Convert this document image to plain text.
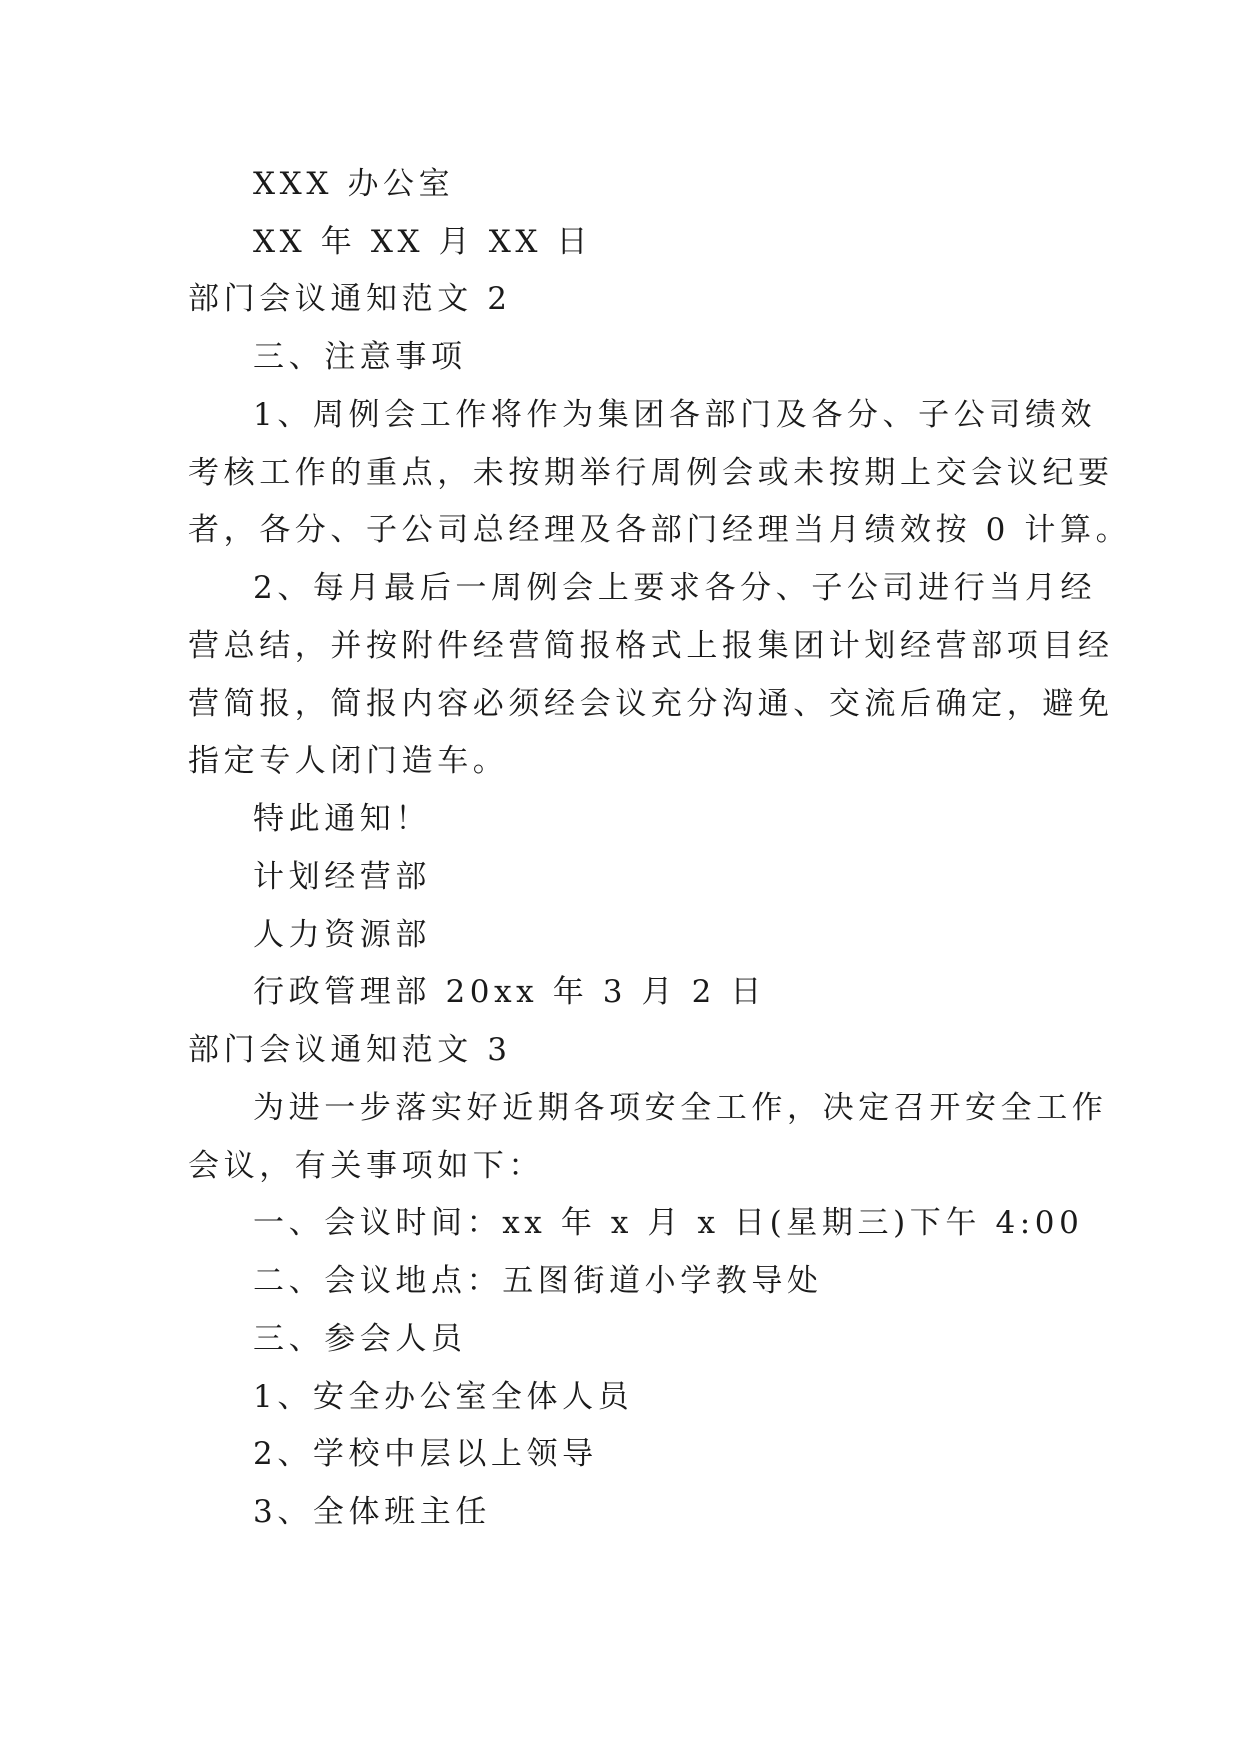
XXX 办公室

XX 年 XX 月 XX 日

部门会议通知范文 2

三、注意事项

1、周例会工作将作为集团各部门及各分、子公司绩效

考核工作的重点，未按期举行周例会或未按期上交会议纪要

者，各分、子公司总经理及各部门经理当月绩效按 0 计算。

2、每月最后一周例会上要求各分、子公司进行当月经

营总结，并按附件经营简报格式上报集团计划经营部项目经

营简报，简报内容必须经会议充分沟通、交流后确定，避免

指定专人闭门造车。

特此通知！

计划经营部

人力资源部

行政管理部 20xx 年 3 月 2 日

部门会议通知范文 3

为进一步落实好近期各项安全工作，决定召开安全工作

会议，有关事项如下：

一、会议时间：xx 年 x 月 x 日(星期三)下午 4:00

二、会议地点：五图街道小学教导处

三、参会人员

1、安全办公室全体人员

2、学校中层以上领导

3、全体班主任
